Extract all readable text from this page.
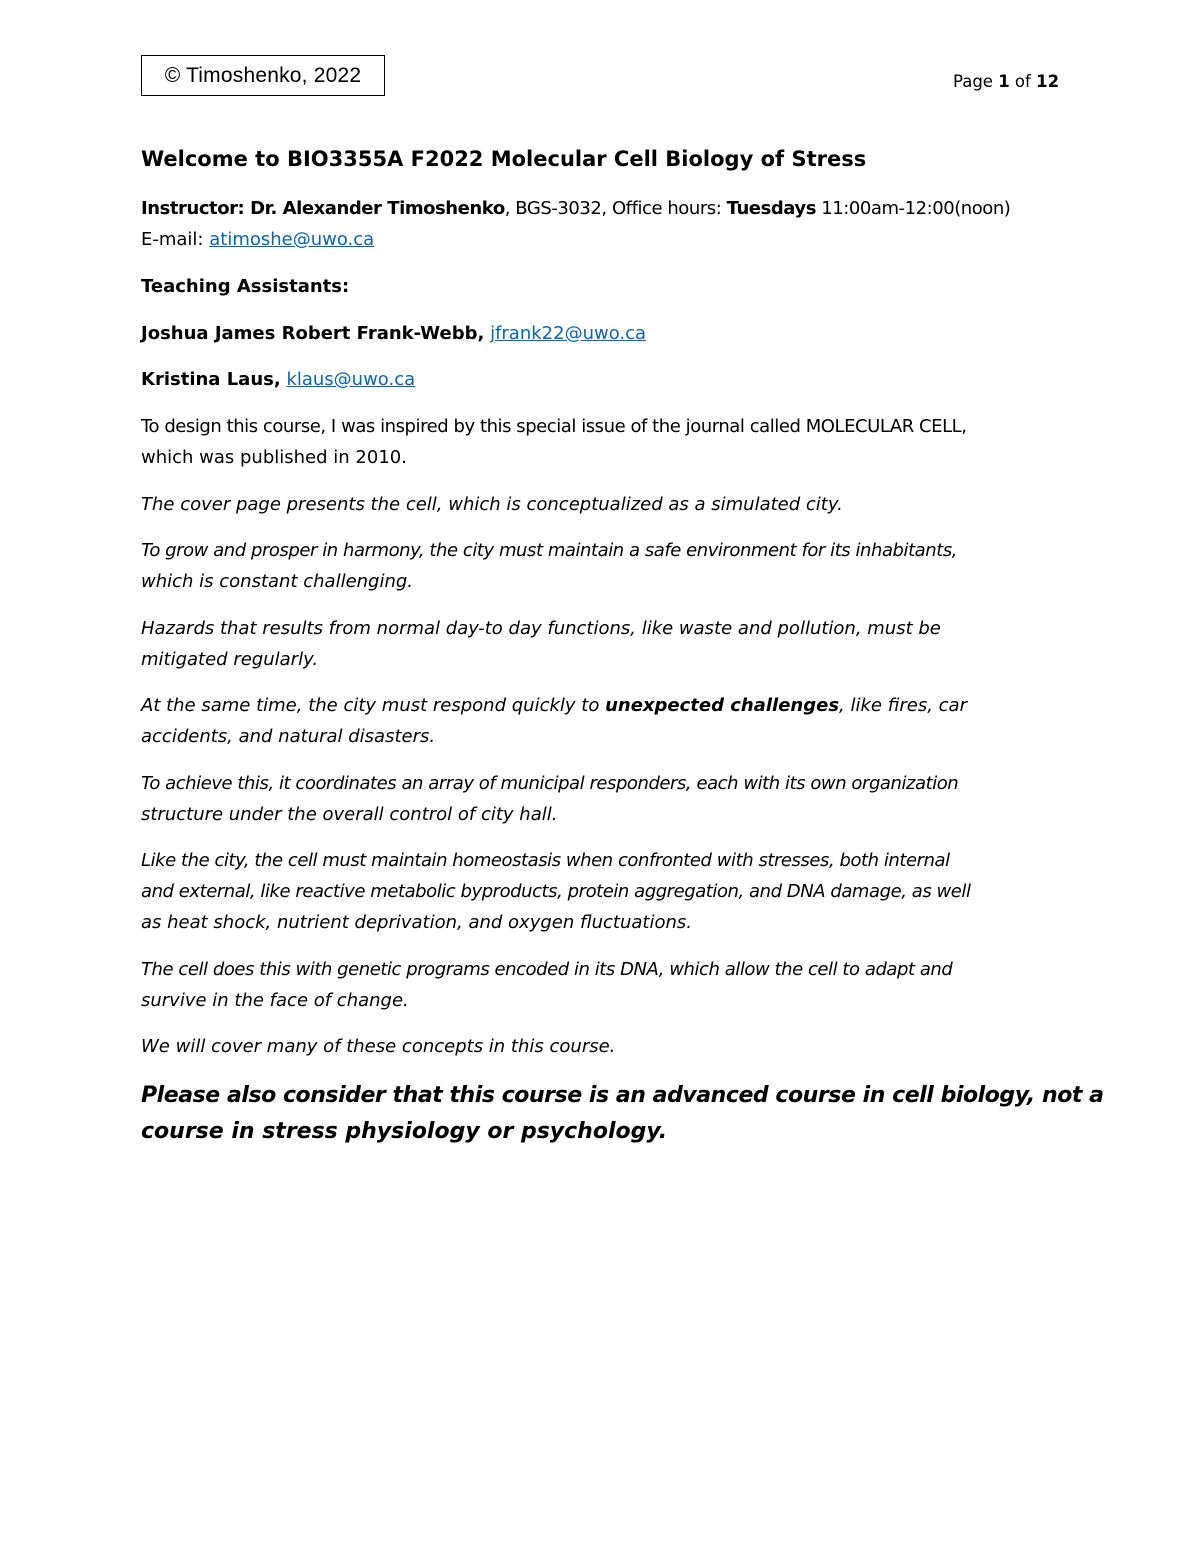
© Timoshenko, 2022	Page 1 of 12
Welcome to BIO3355A F2022 Molecular Cell Biology of Stress
Instructor: Dr. Alexander Timoshenko, BGS-3032, Office hours: Tuesdays 11:00am-12:00(noon)
E-mail: atimoshe@uwo.ca
Teaching Assistants:
Joshua James Robert Frank-Webb, jfrank22@uwo.ca
Kristina Laus, klaus@uwo.ca
To design this course, I was inspired by this special issue of the journal called MOLECULAR CELL,
which was published in 2010.
The cover page presents the cell, which is conceptualized as a simulated city.
To grow and prosper in harmony, the city must maintain a safe environment for its inhabitants,
which is constant challenging.
Hazards that results from normal day-to day functions, like waste and pollution, must be
mitigated regularly.
At the same time, the city must respond quickly to unexpected challenges, like fires, car
accidents, and natural disasters.
To achieve this, it coordinates an array of municipal responders, each with its own organization
structure under the overall control of city hall.
Like the city, the cell must maintain homeostasis when confronted with stresses, both internal
and external, like reactive metabolic byproducts, protein aggregation, and DNA damage, as well
as heat shock, nutrient deprivation, and oxygen fluctuations.
The cell does this with genetic programs encoded in its DNA, which allow the cell to adapt and
survive in the face of change.
We will cover many of these concepts in this course.
Please also consider that this course is an advanced course in cell biology, not a
course in stress physiology or psychology.
